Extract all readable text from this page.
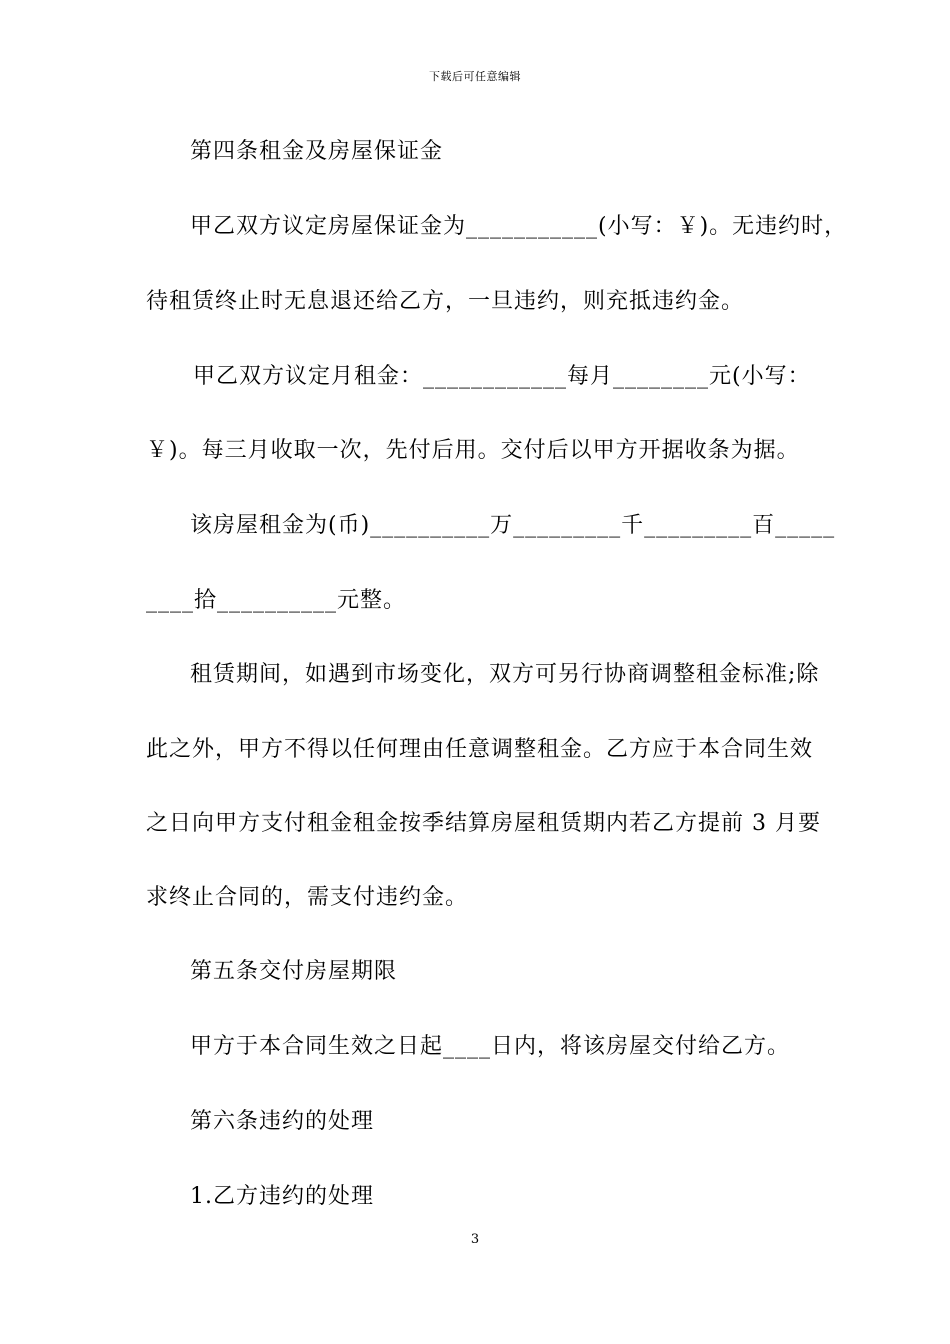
下载后可任意编辑
第四条租金及房屋保证金
甲乙双方议定房屋保证金为___________(小写：￥)。无违约时，
待租赁终止时无息退还给乙方，一旦违约，则充抵违约金。
甲乙双方议定月租金：____________每月________元(小写：
￥)。每三月收取一次，先付后用。交付后以甲方开据收条为据。
该房屋租金为(币)__________万_________千_________百_____
____拾__________元整。
租赁期间，如遇到市场变化，双方可另行协商调整租金标准;除
此之外，甲方不得以任何理由任意调整租金。乙方应于本合同生效
之日向甲方支付租金租金按季结算房屋租赁期内若乙方提前 3 月要
求终止合同的，需支付违约金。
第五条交付房屋期限
甲方于本合同生效之日起____日内，将该房屋交付给乙方。
第六条违约的处理
1.乙方违约的处理
3
